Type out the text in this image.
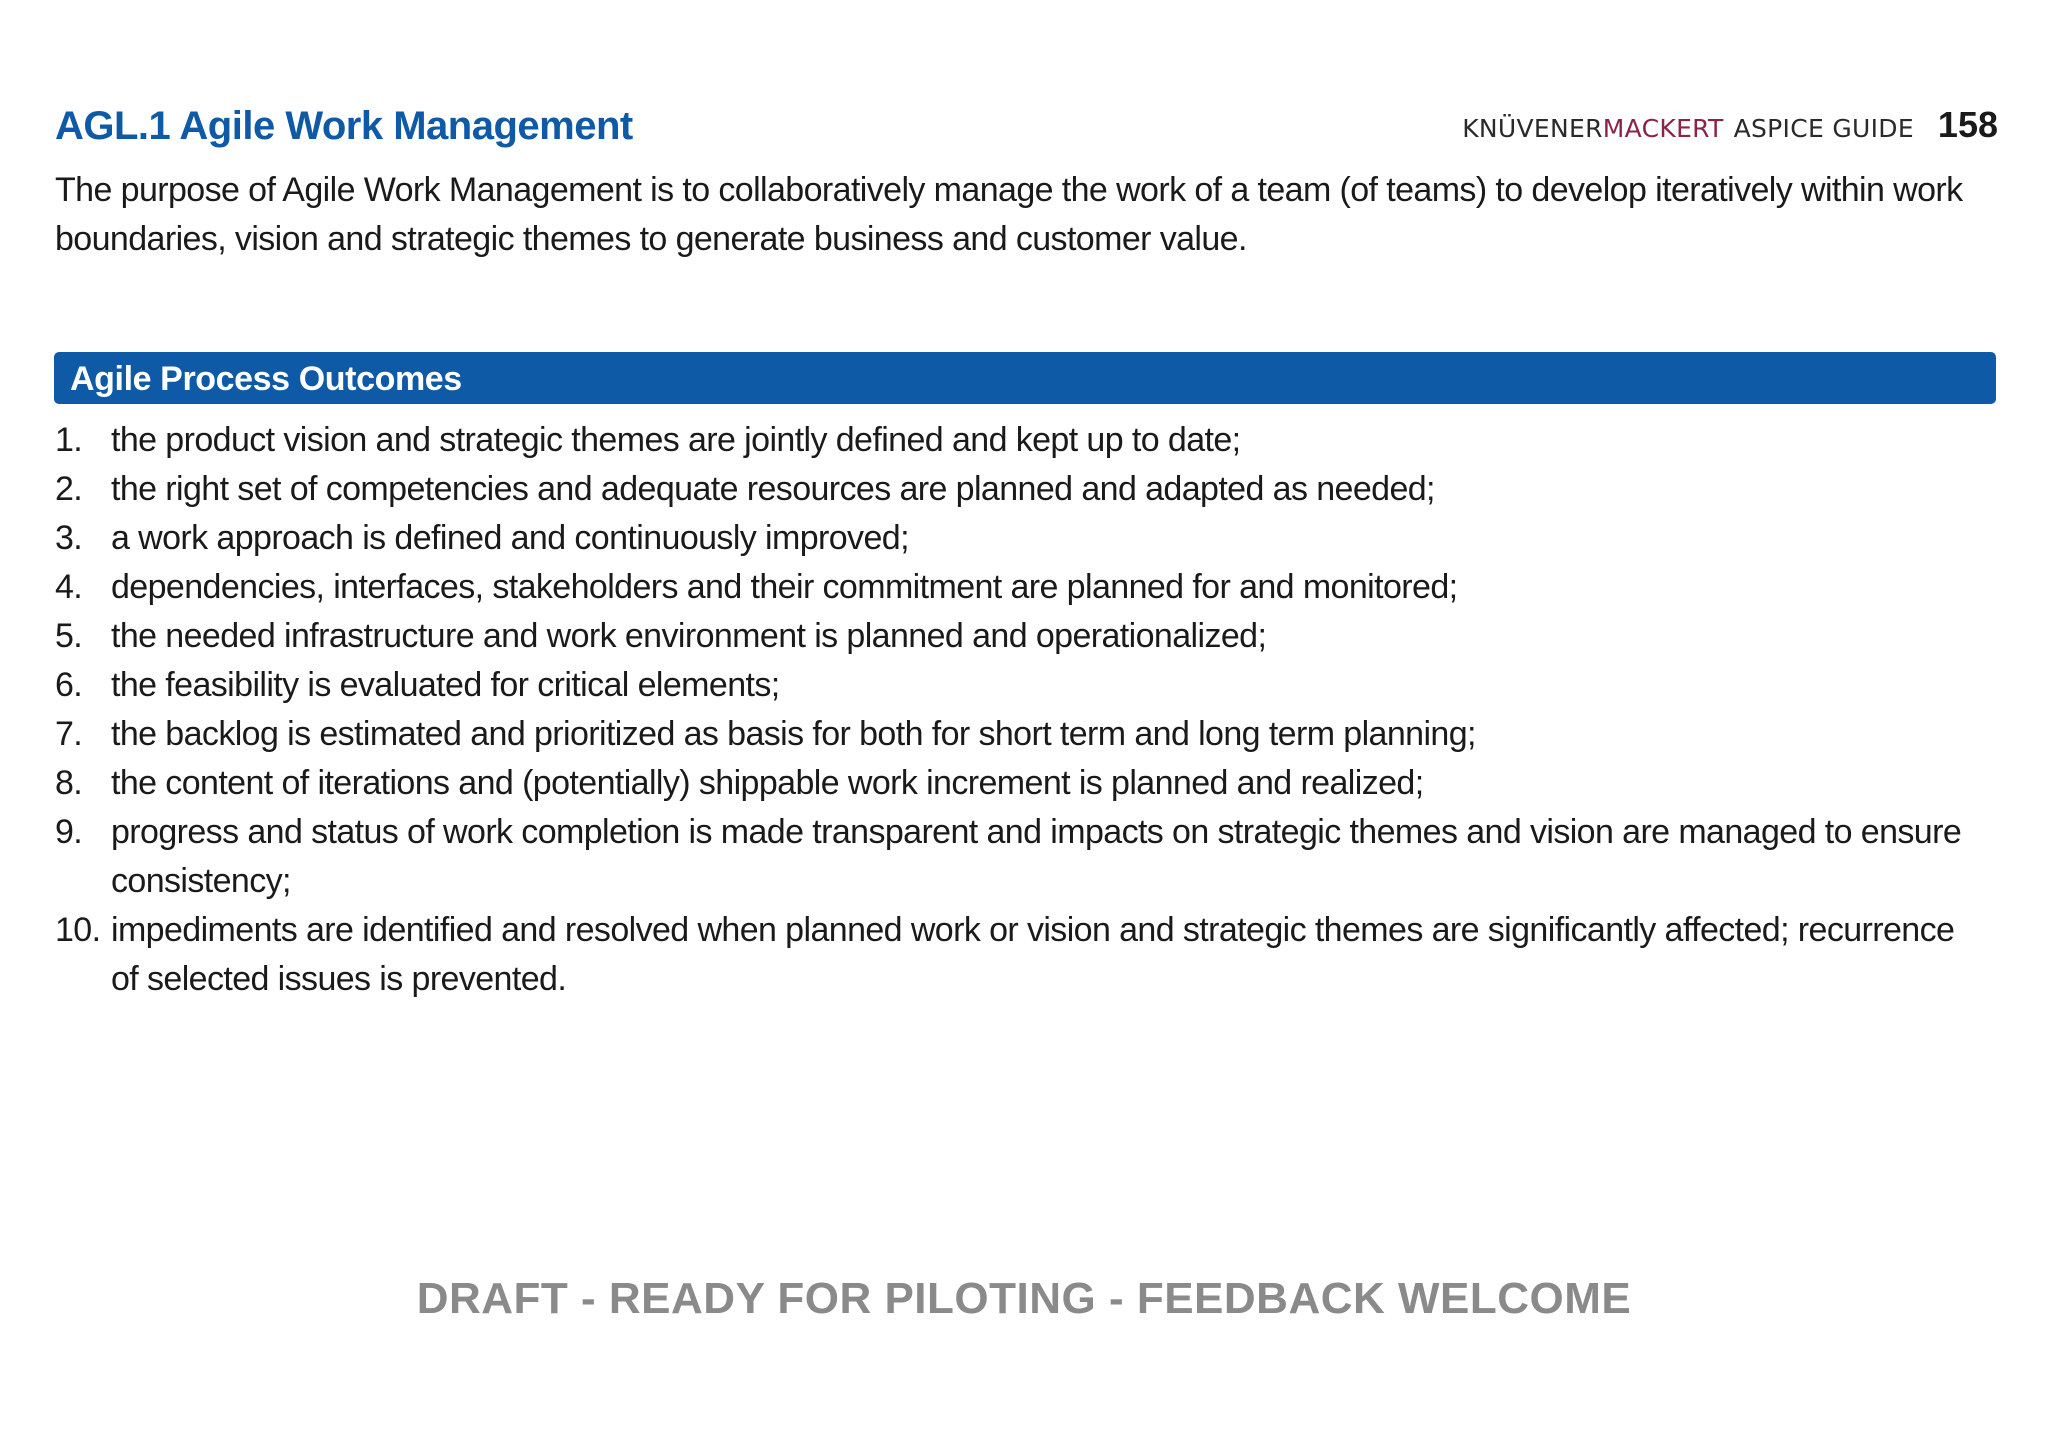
AGL.1 Agile Work Management	KNÜVENER MACKERT ASPICE GUIDE 158

The purpose of Agile Work Management is to collaboratively manage the work of a team (of teams) to develop iteratively within work boundaries, vision and strategic themes to generate business and customer value.

Agile Process Outcomes
1. the product vision and strategic themes are jointly defined and kept up to date;
2. the right set of competencies and adequate resources are planned and adapted as needed;
3. a work approach is defined and continuously improved;
4. dependencies, interfaces, stakeholders and their commitment are planned for and monitored;
5. the needed infrastructure and work environment is planned and operationalized;
6. the feasibility is evaluated for critical elements;
7. the backlog is estimated and prioritized as basis for both for short term and long term planning;
8. the content of iterations and (potentially) shippable work increment is planned and realized;
9. progress and status of work completion is made transparent and impacts on strategic themes and vision are managed to ensure consistency;
10. impediments are identified and resolved when planned work or vision and strategic themes are significantly affected; recurrence of selected issues is prevented.
DRAFT - READY FOR PILOTING - FEEDBACK WELCOME
